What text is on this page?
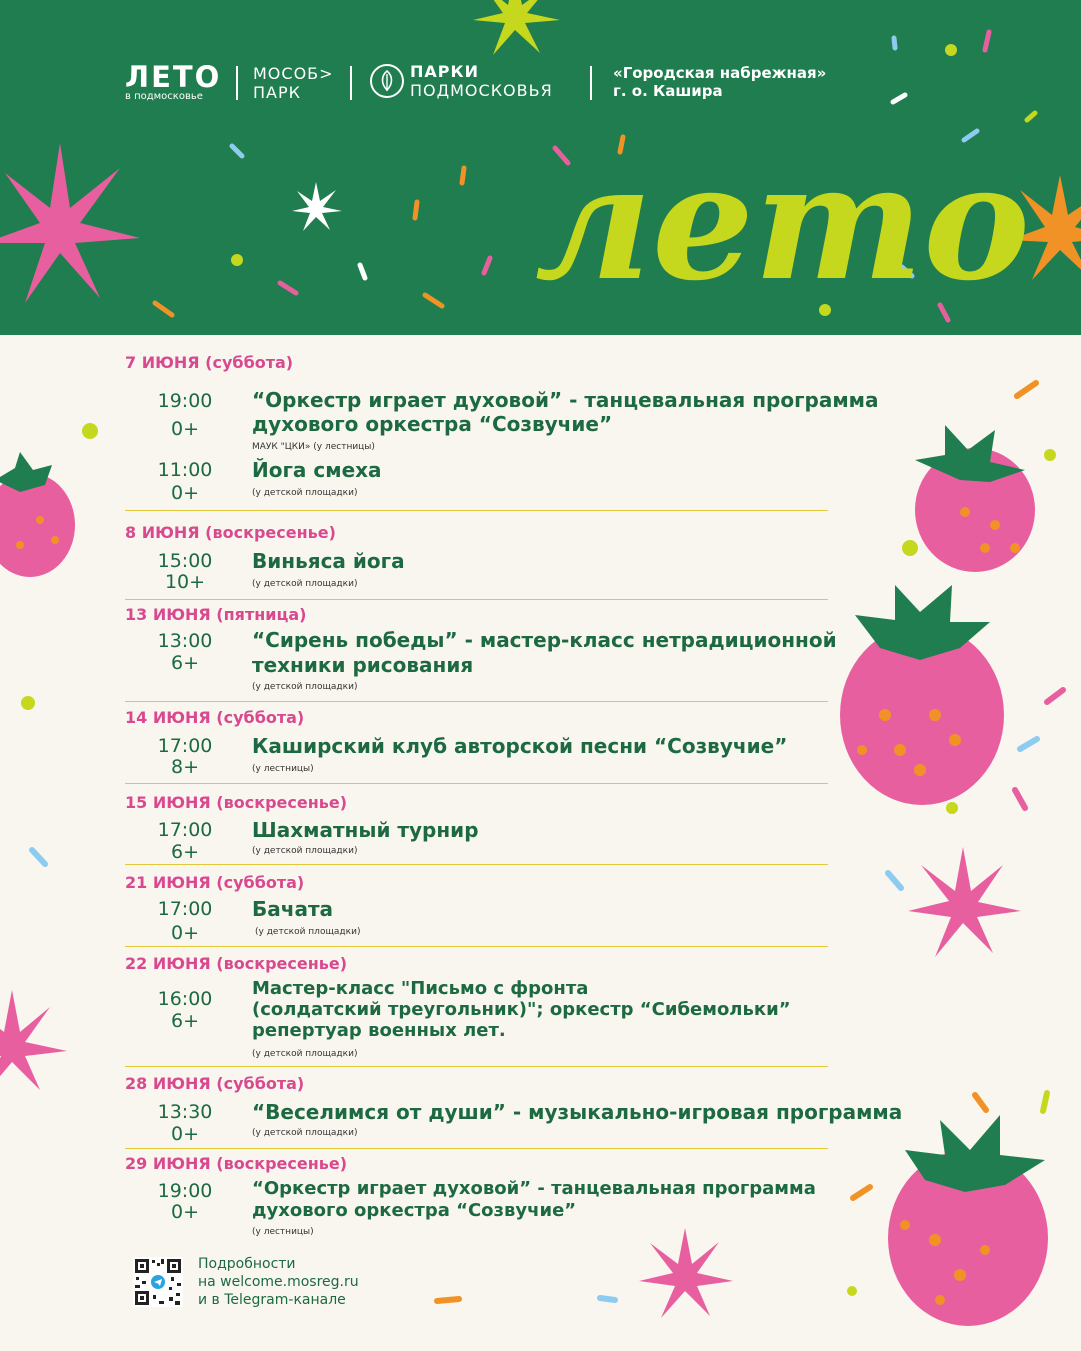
ЛЕТО
в подмосковье
МОСОБ>
ПАРК
ПАРКИ
ПОДМОСКОВЬЯ
«Городская набрежная»
г. о. Кашира
лето
7 ИЮНЯ (суббота)
19:00
0+
“Оркестр играет духовой” - танцевальная программа
духового оркестра “Созвучие”
МАУК "ЦКИ» (у лестницы)
11:00
0+
Йога смеха
(у детской площадки)
8 ИЮНЯ (воскресенье)
15:00
10+
Виньяса йога
(у детской площадки)
13 ИЮНЯ (пятница)
13:00
6+
“Сирень победы” - мастер-класс нетрадиционной
техники рисования
(у детской площадки)
14 ИЮНЯ (суббота)
17:00
8+
Каширский клуб авторской песни “Созвучие”
(у лестницы)
15 ИЮНЯ (воскресенье)
17:00
6+
Шахматный турнир
(у детской площадки)
21 ИЮНЯ (суббота)
17:00
0+
Бачата
(у детской площадки)
22 ИЮНЯ (воскресенье)
16:00
6+
Мастер-класс "Письмо с фронта
(солдатский треугольник)"; оркестр “Сибемольки”
репертуар военных лет.
(у детской площадки)
28 ИЮНЯ (суббота)
13:30
0+
“Веселимся от души” - музыкально-игровая программа
(у детской площадки)
29 ИЮНЯ (воскресенье)
19:00
0+
“Оркестр играет духовой” - танцевальная программа
духового оркестра “Созвучие”
(у лестницы)
Подробности
на welcome.mosreg.ru
и в Telegram-канале
